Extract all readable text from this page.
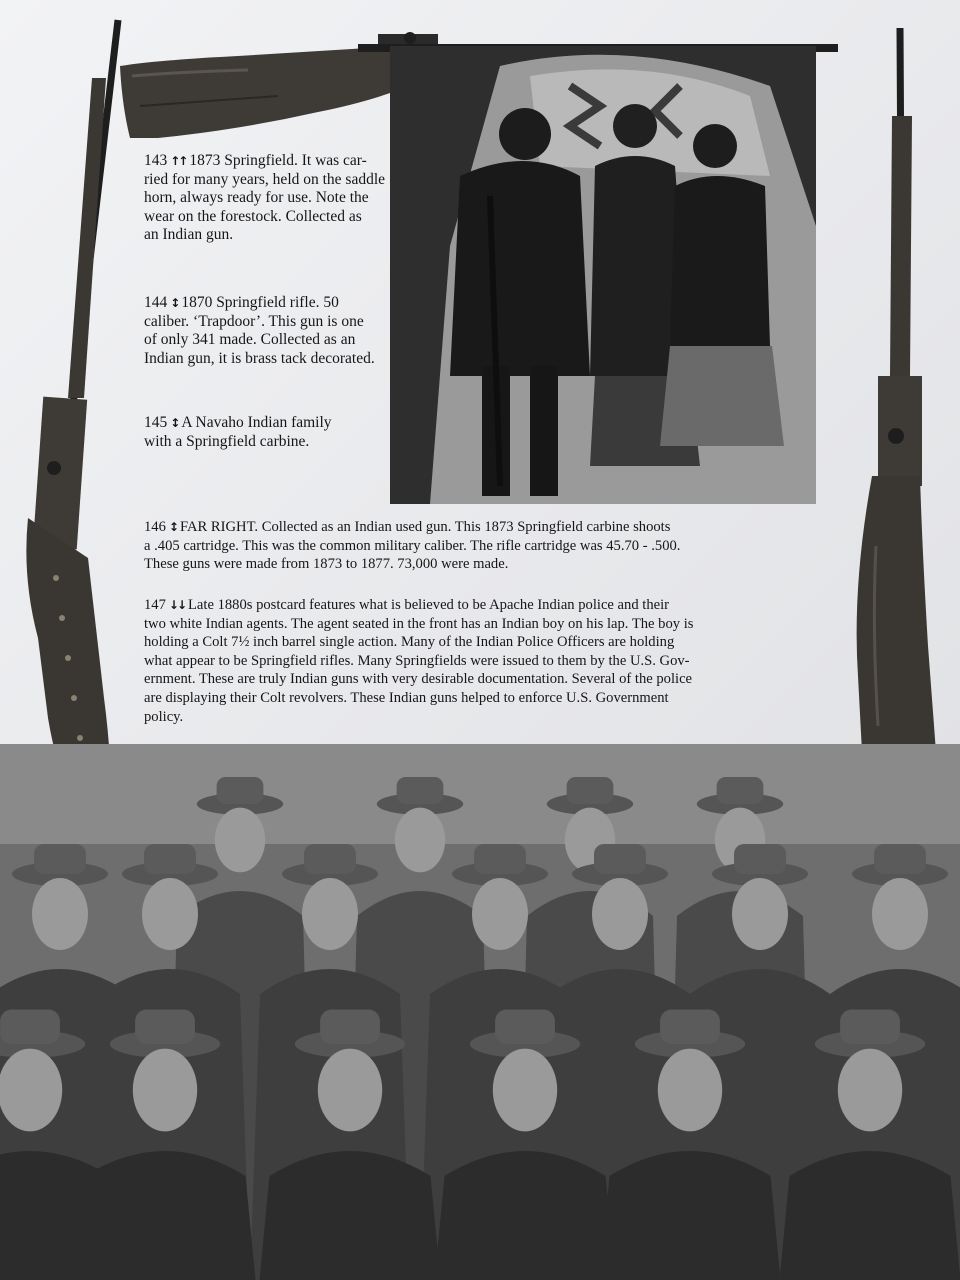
143 ↑↑ 1873 Springfield. It was car-
ried for many years, held on the saddle
horn, always ready for use. Note the
wear on the forestock. Collected as
an Indian gun.
144 ↕ 1870 Springfield rifle. 50
caliber. ‘Trapdoor’. This gun is one
of only 341 made. Collected as an
Indian gun, it is brass tack decorated.
145 ↕ A Navaho Indian family
with a Springfield carbine.
146 ↕ FAR RIGHT. Collected as an Indian used gun. This 1873 Springfield carbine shoots
a .405 cartridge. This was the common military caliber. The rifle cartridge was 45.70 - .500.
These guns were made from 1873 to 1877. 73,000 were made.
147 ↓↓ Late 1880s postcard features what is believed to be Apache Indian police and their
two white Indian agents. The agent seated in the front has an Indian boy on his lap. The boy is
holding a Colt 7½ inch barrel single action. Many of the Indian Police Officers are holding
what appear to be Springfield rifles. Many Springfields were issued to them by the U.S. Gov-
ernment. These are truly Indian guns with very desirable documentation. Several of the police
are displaying their Colt revolvers. These Indian guns helped to enforce U.S. Government
policy.
